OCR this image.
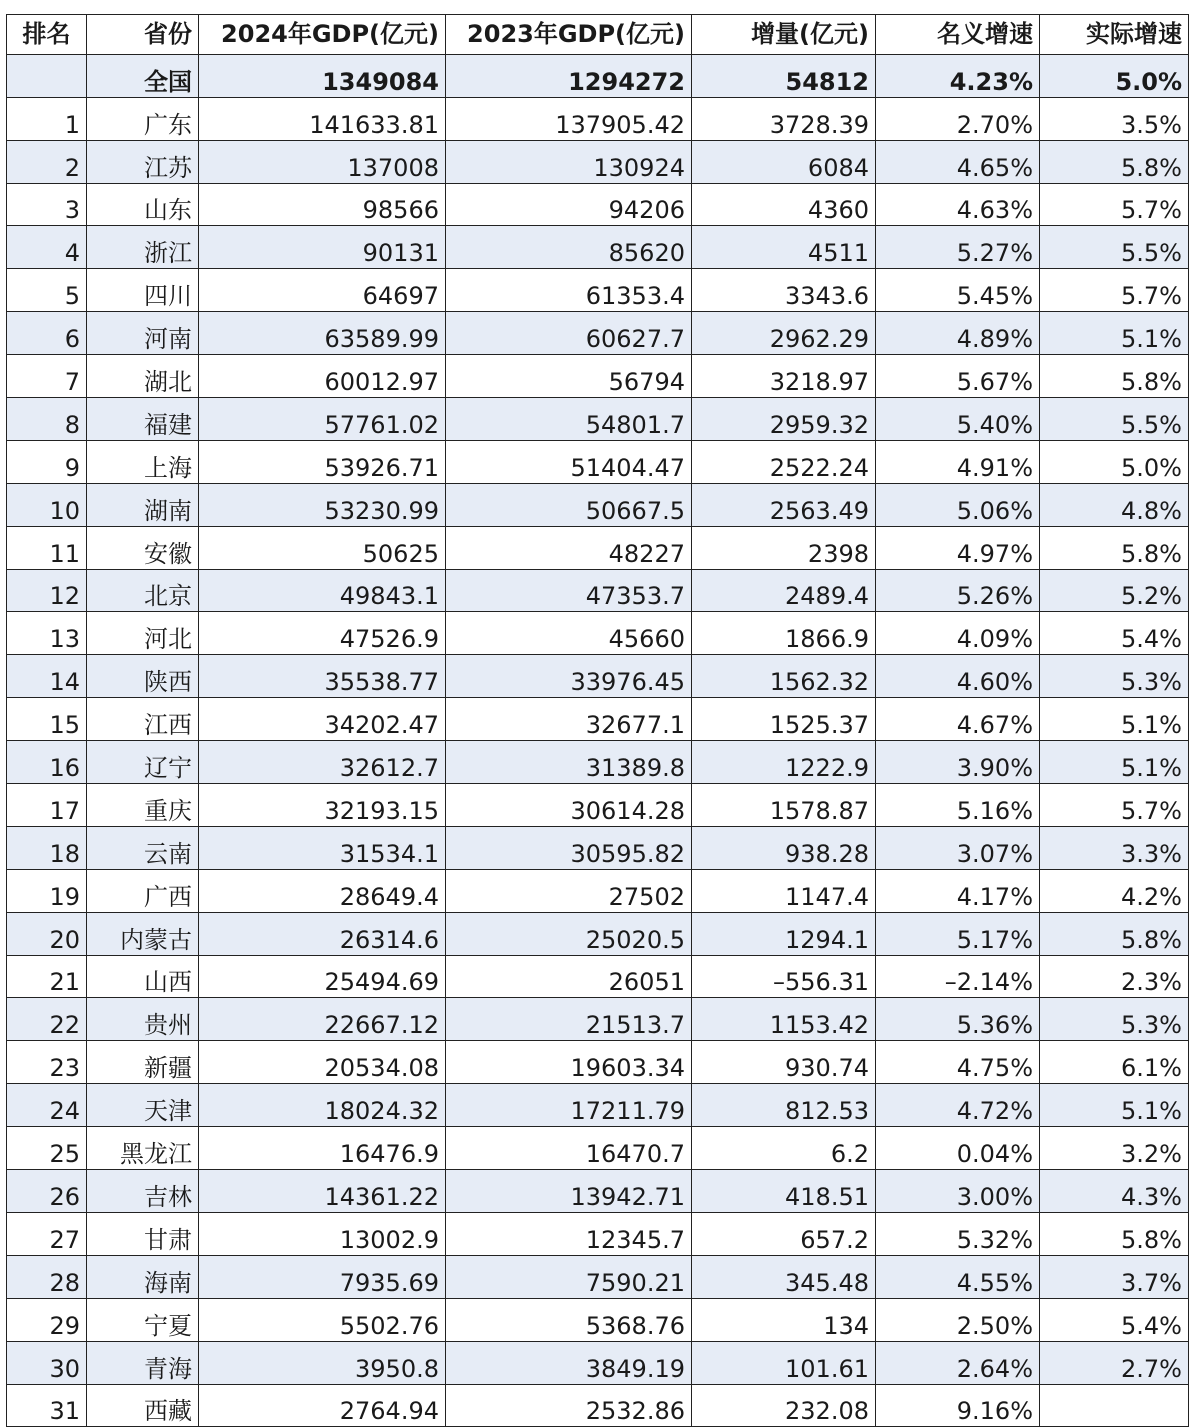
排名	省份	2024年GDP(亿元)	2023年GDP(亿元)	增量(亿元)	名义增速	实际增速
	全国	1349084	1294272	54812	4.23%	5.0%
1	广东	141633.81	137905.42	3728.39	2.70%	3.5%
2	江苏	137008	130924	6084	4.65%	5.8%
3	山东	98566	94206	4360	4.63%	5.7%
4	浙江	90131	85620	4511	5.27%	5.5%
5	四川	64697	61353.4	3343.6	5.45%	5.7%
6	河南	63589.99	60627.7	2962.29	4.89%	5.1%
7	湖北	60012.97	56794	3218.97	5.67%	5.8%
8	福建	57761.02	54801.7	2959.32	5.40%	5.5%
9	上海	53926.71	51404.47	2522.24	4.91%	5.0%
10	湖南	53230.99	50667.5	2563.49	5.06%	4.8%
11	安徽	50625	48227	2398	4.97%	5.8%
12	北京	49843.1	47353.7	2489.4	5.26%	5.2%
13	河北	47526.9	45660	1866.9	4.09%	5.4%
14	陕西	35538.77	33976.45	1562.32	4.60%	5.3%
15	江西	34202.47	32677.1	1525.37	4.67%	5.1%
16	辽宁	32612.7	31389.8	1222.9	3.90%	5.1%
17	重庆	32193.15	30614.28	1578.87	5.16%	5.7%
18	云南	31534.1	30595.82	938.28	3.07%	3.3%
19	广西	28649.4	27502	1147.4	4.17%	4.2%
20	内蒙古	26314.6	25020.5	1294.1	5.17%	5.8%
21	山西	25494.69	26051	–556.31	–2.14%	2.3%
22	贵州	22667.12	21513.7	1153.42	5.36%	5.3%
23	新疆	20534.08	19603.34	930.74	4.75%	6.1%
24	天津	18024.32	17211.79	812.53	4.72%	5.1%
25	黑龙江	16476.9	16470.7	6.2	0.04%	3.2%
26	吉林	14361.22	13942.71	418.51	3.00%	4.3%
27	甘肃	13002.9	12345.7	657.2	5.32%	5.8%
28	海南	7935.69	7590.21	345.48	4.55%	3.7%
29	宁夏	5502.76	5368.76	134	2.50%	5.4%
30	青海	3950.8	3849.19	101.61	2.64%	2.7%
31	西藏	2764.94	2532.86	232.08	9.16%	
